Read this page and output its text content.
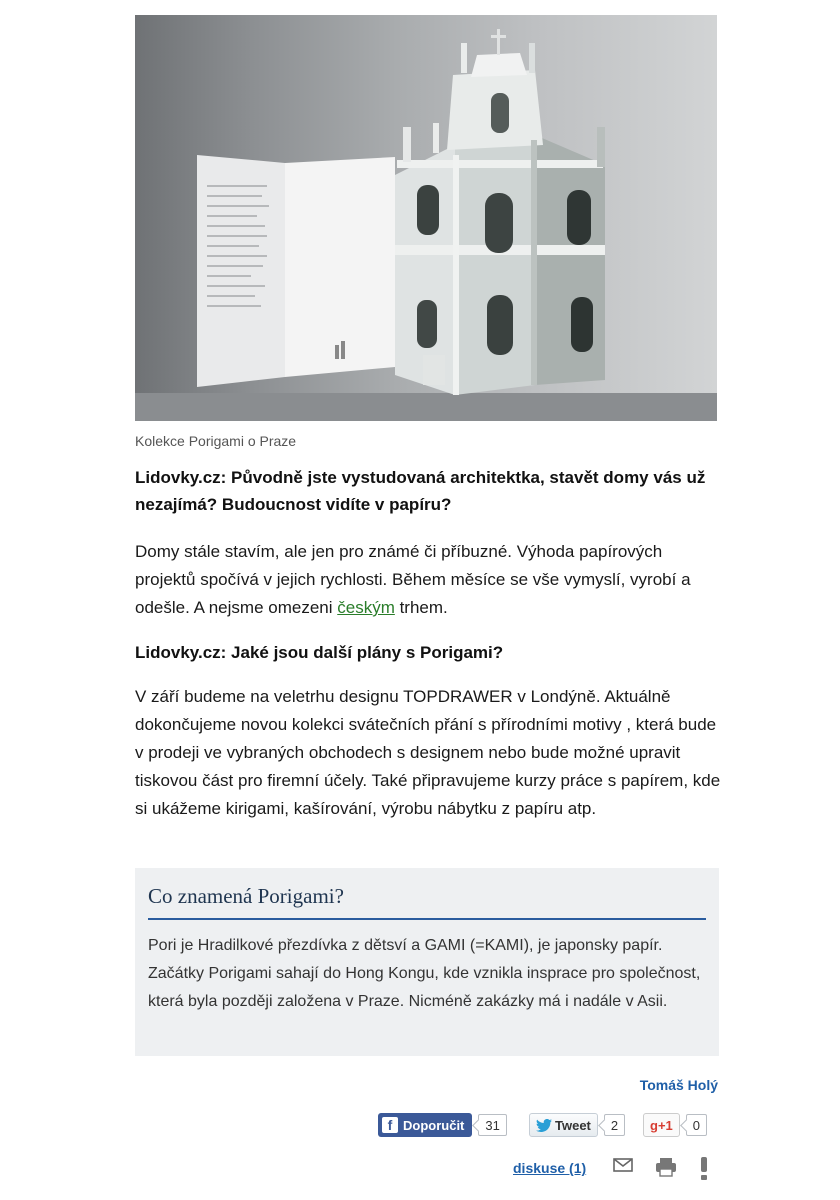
Kolekce Porigami o Praze
Lidovky.cz: Původně jste vystudovaná architektka, stavět domy vás už nezajímá? Budoucnost vidíte v papíru?
Domy stále stavím, ale jen pro známé či příbuzné. Výhoda papírových projektů spočívá v jejich rychlosti. Během měsíce se vše vymyslí, vyrobí a odešle. A nejsme omezeni českým trhem.
Lidovky.cz: Jaké jsou další plány s Porigami?
V září budeme na veletrhu designu TOPDRAWER v Londýně. Aktuálně dokončujeme novou kolekci svátečních přání s přírodními motivy , která bude v prodeji ve vybraných obchodech s designem nebo bude možné upravit tiskovou část pro firemní účely. Také připravujeme kurzy práce s papírem, kde si ukážeme kirigami, kašírování, výrobu nábytku z papíru atp.
Co znamená Porigami?
Pori je Hradilkové přezdívka z dětsví a GAMI (=KAMI), je japonsky papír. Začátky Porigami sahají do Hong Kongu, kde vznikla inspracе pro společnost, která byla později založena v Praze. Nicméně zakázky má i nadále v Asii.
Tomáš Holý
f Doporučit	31	Tweet	2	g+1	0
diskuse (1)
